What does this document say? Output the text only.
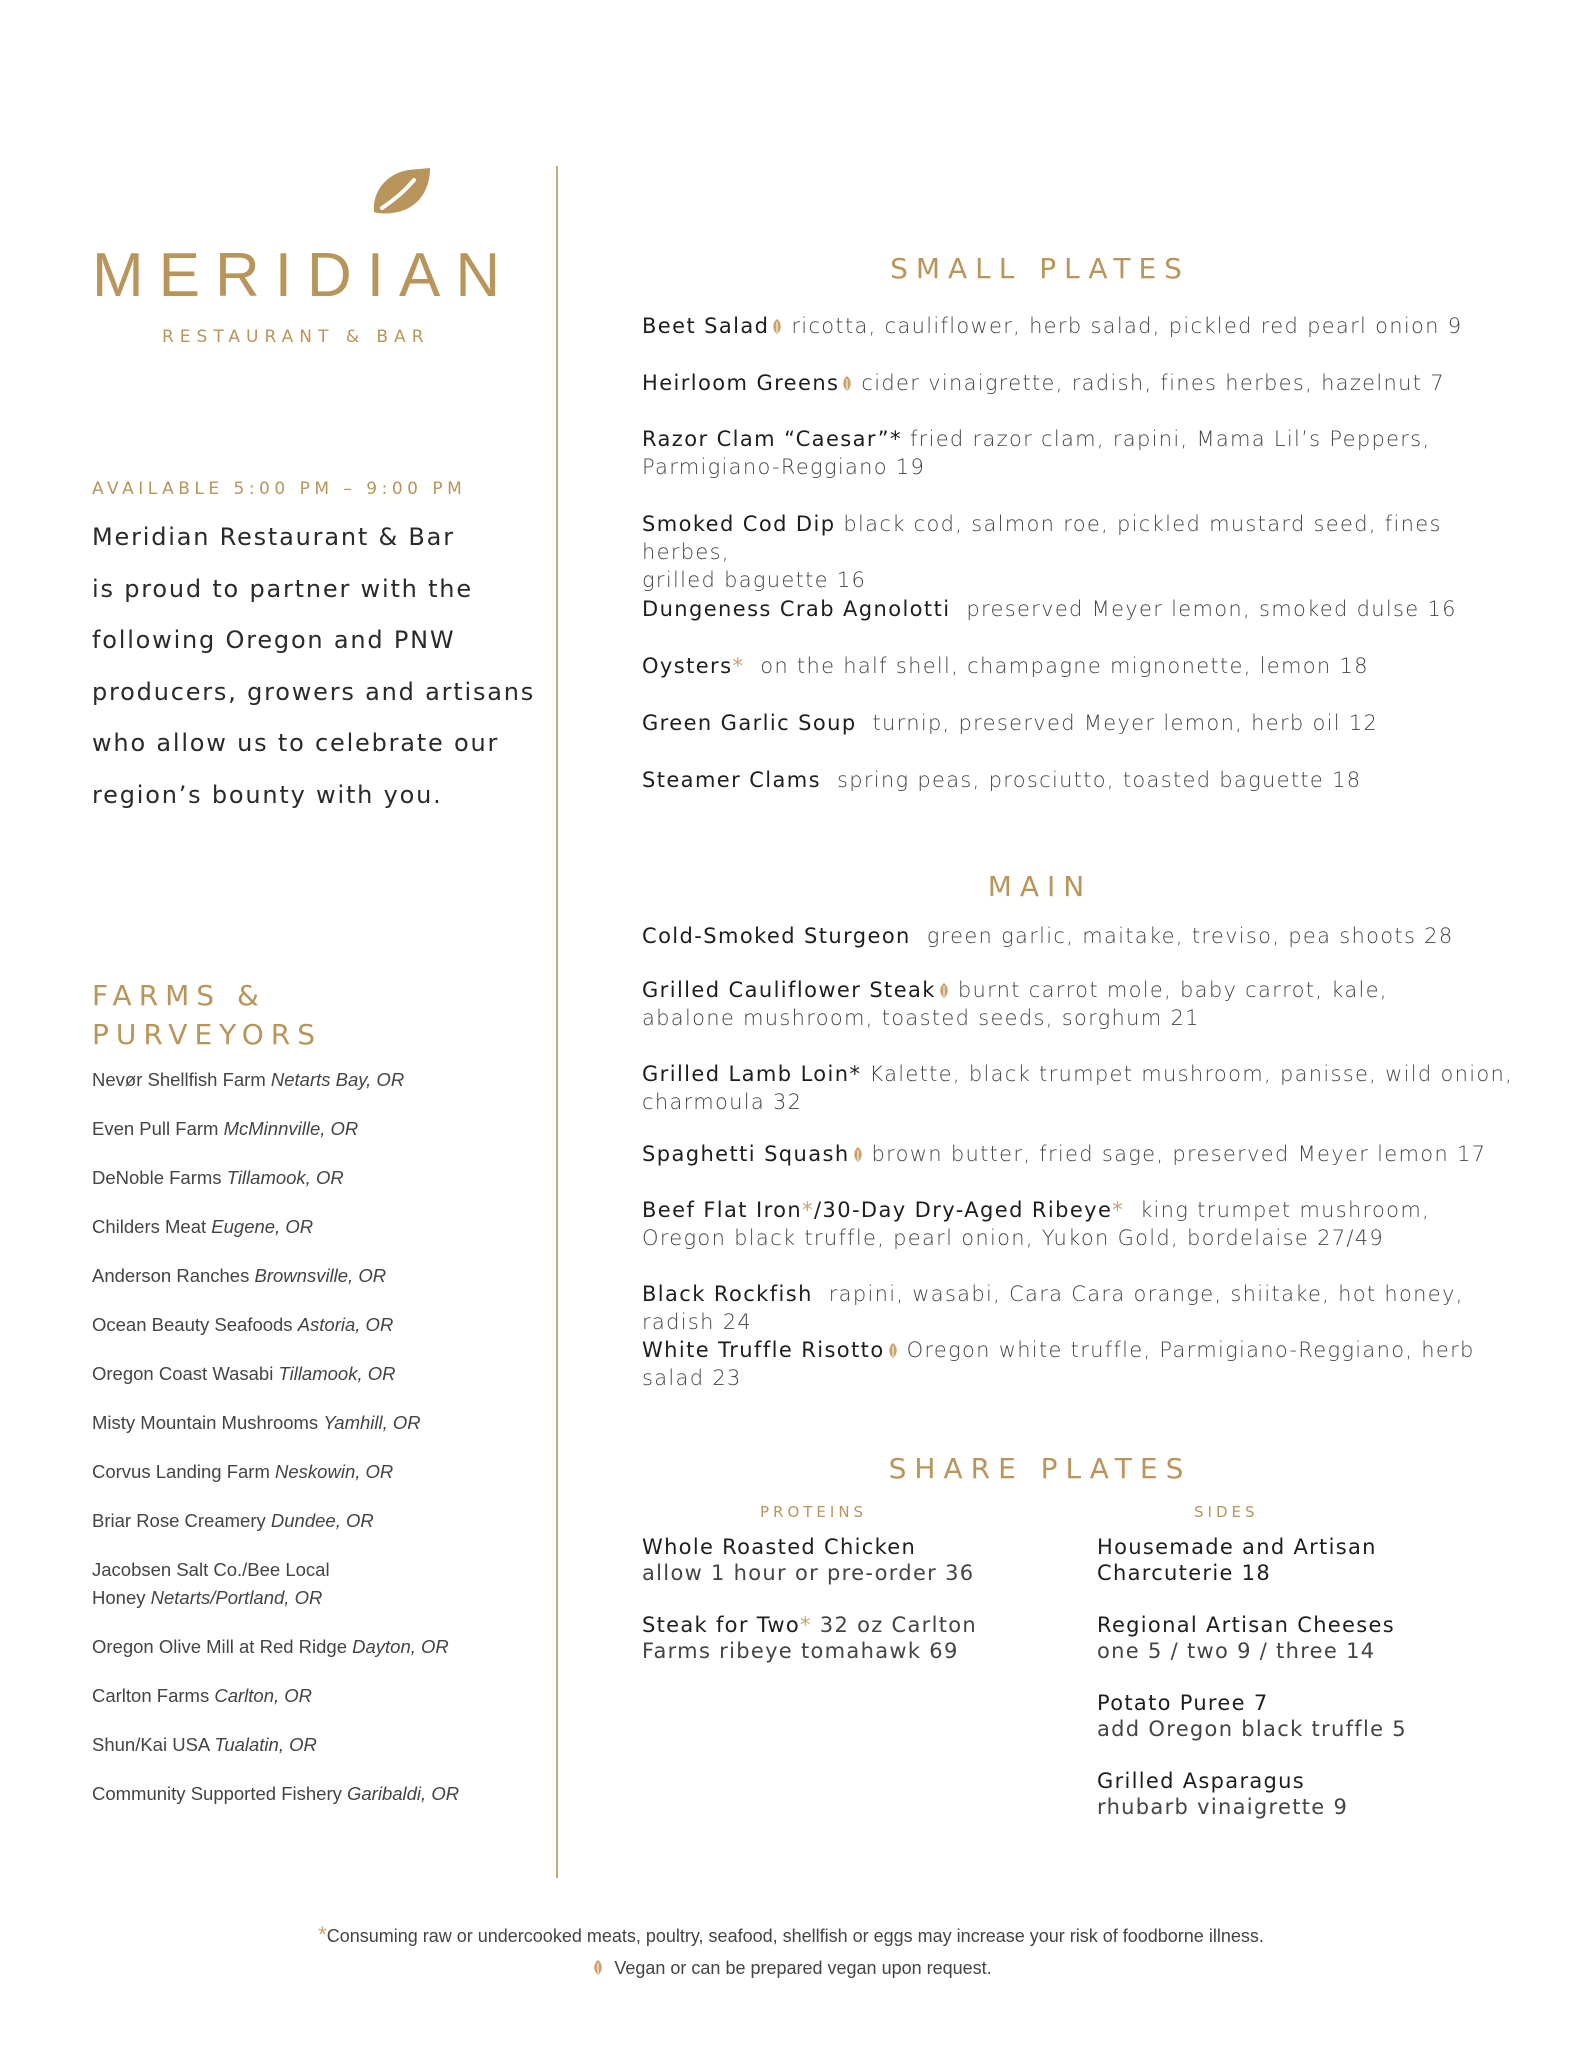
MERIDIAN
RESTAURANT & BAR
AVAILABLE 5:00 PM – 9:00 PM
Meridian Restaurant & Bar
is proud to partner with the
following Oregon and PNW
producers, growers and artisans
who allow us to celebrate our
region’s bounty with you.
FARMS &
PURVEYORS
Nevør Shellfish Farm Netarts Bay, OR
Even Pull Farm McMinnville, OR
DeNoble Farms Tillamook, OR
Childers Meat Eugene, OR
Anderson Ranches Brownsville, OR
Ocean Beauty Seafoods Astoria, OR
Oregon Coast Wasabi Tillamook, OR
Misty Mountain Mushrooms Yamhill, OR
Corvus Landing Farm Neskowin, OR
Briar Rose Creamery Dundee, OR
Jacobsen Salt Co./Bee Local
Honey Netarts/Portland, OR
Oregon Olive Mill at Red Ridge Dayton, OR
Carlton Farms Carlton, OR
Shun/Kai USA Tualatin, OR
Community Supported Fishery Garibaldi, OR
SMALL PLATES
Beet Salad ricotta, cauliflower, herb salad, pickled red pearl onion 9
Heirloom Greens cider vinaigrette, radish, fines herbes, hazelnut 7
Razor Clam “Caesar”* fried razor clam, rapini, Mama Lil’s Peppers,
Parmigiano-Reggiano 19
Smoked Cod Dip black cod, salmon roe, pickled mustard seed, fines herbes,
grilled baguette 16
Dungeness Crab Agnolotti preserved Meyer lemon, smoked dulse 16
Oysters* on the half shell, champagne mignonette, lemon 18
Green Garlic Soup turnip, preserved Meyer lemon, herb oil 12
Steamer Clams spring peas, prosciutto, toasted baguette 18
MAIN
Cold-Smoked Sturgeon green garlic, maitake, treviso, pea shoots 28
Grilled Cauliflower Steak burnt carrot mole, baby carrot, kale,
abalone mushroom, toasted seeds, sorghum 21
Grilled Lamb Loin* Kalette, black trumpet mushroom, panisse, wild onion,
charmoula 32
Spaghetti Squash brown butter, fried sage, preserved Meyer lemon 17
Beef Flat Iron*/30-Day Dry-Aged Ribeye* king trumpet mushroom,
Oregon black truffle, pearl onion, Yukon Gold, bordelaise 27/49
Black Rockfish rapini, wasabi, Cara Cara orange, shiitake, hot honey, radish 24
White Truffle Risotto Oregon white truffle, Parmigiano-Reggiano, herb salad 23
SHARE PLATES
PROTEINS	SIDES
Whole Roasted Chicken
allow 1 hour or pre-order 36
Steak for Two* 32 oz Carlton
Farms ribeye tomahawk 69
Housemade and Artisan
Charcuterie 18
Regional Artisan Cheeses
one 5 / two 9 / three 14
Potato Puree 7
add Oregon black truffle 5
Grilled Asparagus
rhubarb vinaigrette 9
*Consuming raw or undercooked meats, poultry, seafood, shellfish or eggs may increase your risk of foodborne illness.
Vegan or can be prepared vegan upon request.
